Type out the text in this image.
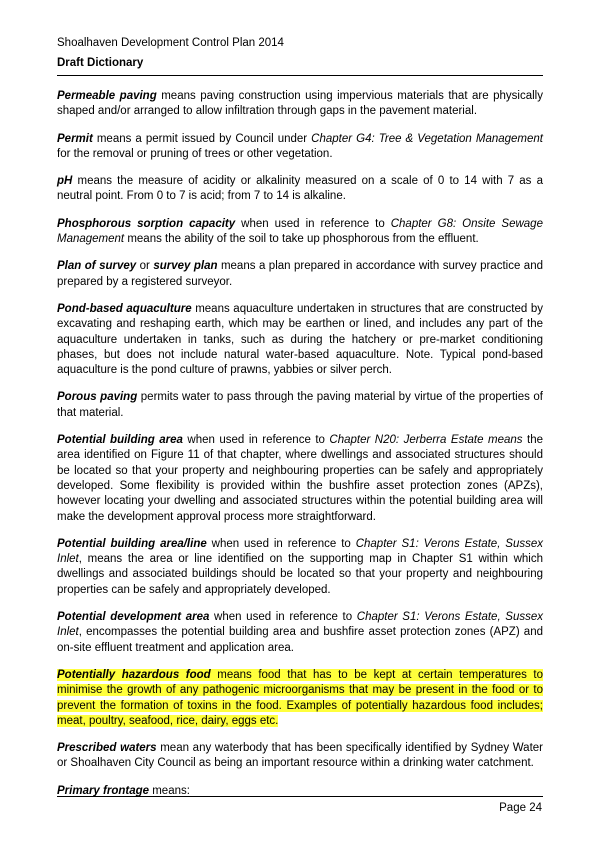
Shoalhaven Development Control Plan 2014
Draft Dictionary

Permeable paving means paving construction using impervious materials that are physically shaped and/or arranged to allow infiltration through gaps in the pavement material.

Permit means a permit issued by Council under Chapter G4: Tree & Vegetation Management for the removal or pruning of trees or other vegetation.

pH means the measure of acidity or alkalinity measured on a scale of 0 to 14 with 7 as a neutral point. From 0 to 7 is acid; from 7 to 14 is alkaline.

Phosphorous sorption capacity when used in reference to Chapter G8: Onsite Sewage Management means the ability of the soil to take up phosphorous from the effluent.

Plan of survey or survey plan means a plan prepared in accordance with survey practice and prepared by a registered surveyor.

Pond-based aquaculture means aquaculture undertaken in structures that are constructed by excavating and reshaping earth, which may be earthen or lined, and includes any part of the aquaculture undertaken in tanks, such as during the hatchery or pre-market conditioning phases, but does not include natural water-based aquaculture. Note. Typical pond-based aquaculture is the pond culture of prawns, yabbies or silver perch.

Porous paving permits water to pass through the paving material by virtue of the properties of that material.

Potential building area when used in reference to Chapter N20: Jerberra Estate means the area identified on Figure 11 of that chapter, where dwellings and associated structures should be located so that your property and neighbouring properties can be safely and appropriately developed. Some flexibility is provided within the bushfire asset protection zones (APZs), however locating your dwelling and associated structures within the potential building area will make the development approval process more straightforward.

Potential building area/line when used in reference to Chapter S1: Verons Estate, Sussex Inlet, means the area or line identified on the supporting map in Chapter S1 within which dwellings and associated buildings should be located so that your property and neighbouring properties can be safely and appropriately developed.

Potential development area when used in reference to Chapter S1: Verons Estate, Sussex Inlet, encompasses the potential building area and bushfire asset protection zones (APZ) and on-site effluent treatment and application area.

Potentially hazardous food means food that has to be kept at certain temperatures to minimise the growth of any pathogenic microorganisms that may be present in the food or to prevent the formation of toxins in the food. Examples of potentially hazardous food includes; meat, poultry, seafood, rice, dairy, eggs etc.

Prescribed waters mean any waterbody that has been specifically identified by Sydney Water or Shoalhaven City Council as being an important resource within a drinking water catchment.

Primary frontage means:

Page 24
